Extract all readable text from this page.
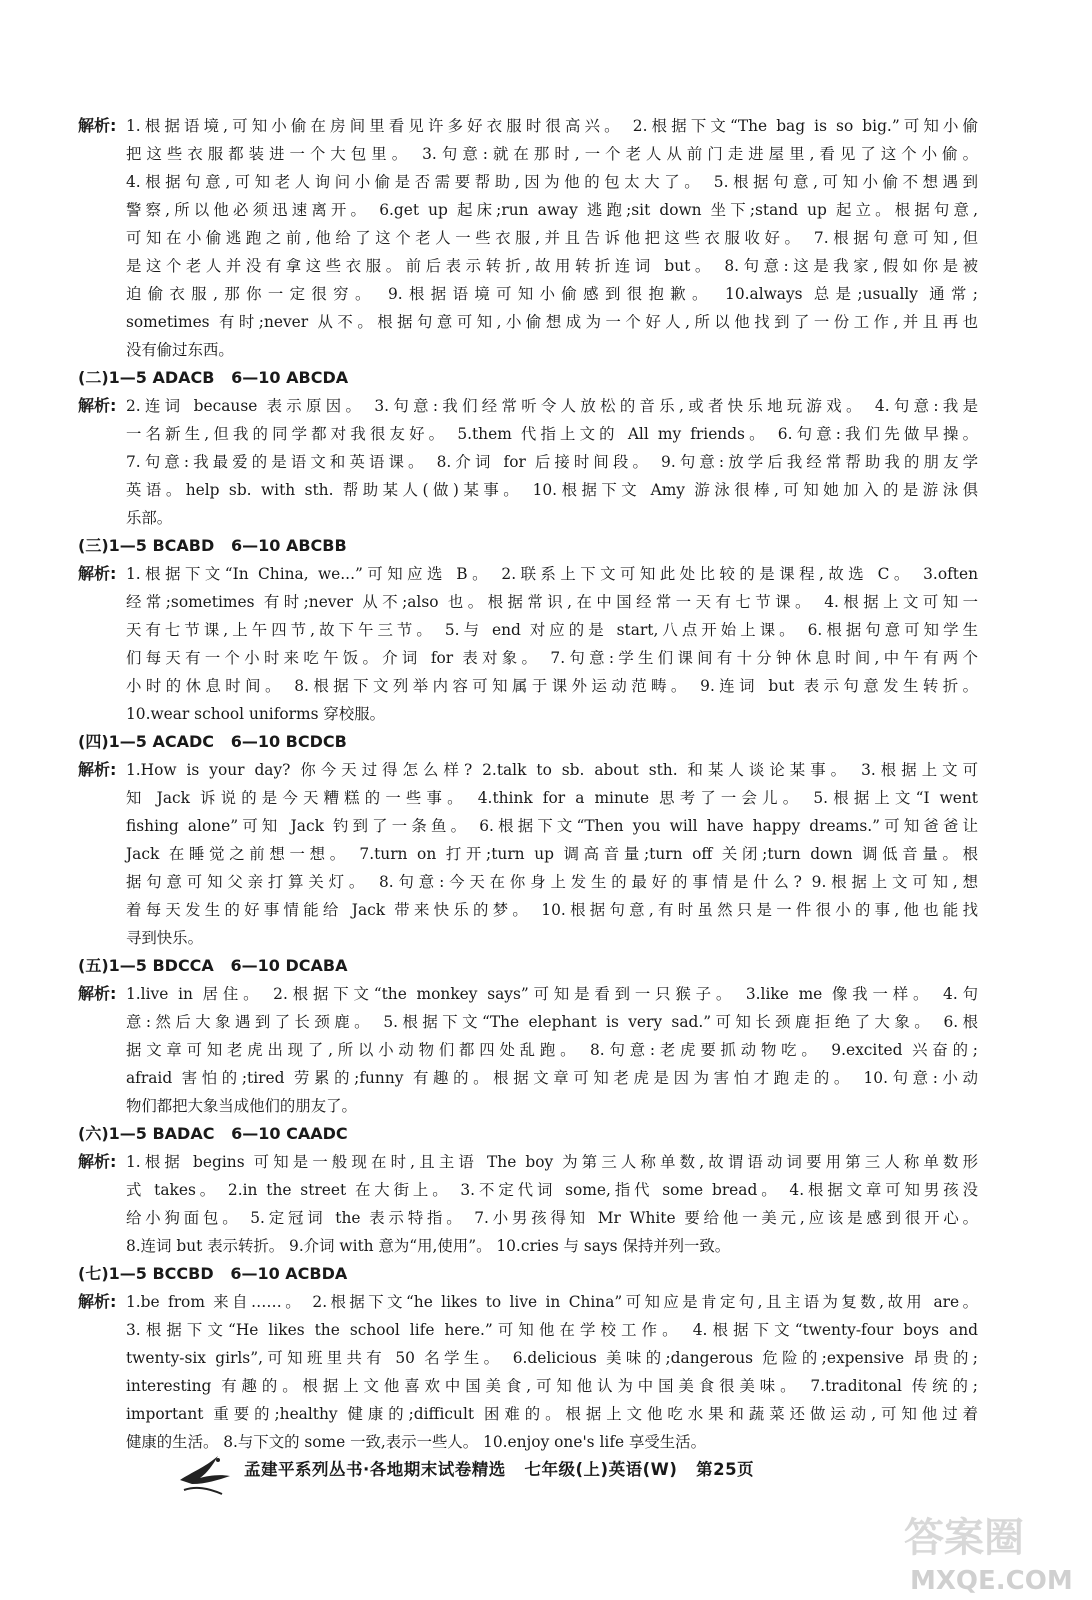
解析: 1.根据语境,可知小偷在房间里看见许多好衣服时很高兴。 2.根据下文“The bag is so big.”可知小偷
把这些衣服都装进一个大包里。 3.句意:就在那时,一个老人从前门走进屋里,看见了这个小偷。
4.根据句意,可知老人询问小偷是否需要帮助,因为他的包太大了。 5.根据句意,可知小偷不想遇到
警察,所以他必须迅速离开。 6.get up 起床;run away 逃跑;sit down 坐下;stand up 起立。根据句意,
可知在小偷逃跑之前,他给了这个老人一些衣服,并且告诉他把这些衣服收好。 7.根据句意可知,但
是这个老人并没有拿这些衣服。前后表示转折,故用转折连词 but。 8.句意:这是我家,假如你是被
迫偷衣服,那你一定很穷。 9.根据语境可知小偷感到很抱歉。 10.always 总是;usually 通常;
sometimes 有时;never 从不。根据句意可知,小偷想成为一个好人,所以他找到了一份工作,并且再也
没有偷过东西。
(二)1—5 ADACB   6—10 ABCDA
解析: 2.连词 because 表示原因。 3.句意:我们经常听令人放松的音乐,或者快乐地玩游戏。 4.句意:我是
一名新生,但我的同学都对我很友好。 5.them 代指上文的 All my friends。 6.句意:我们先做早操。
7.句意:我最爱的是语文和英语课。 8.介词 for 后接时间段。 9.句意:放学后我经常帮助我的朋友学
英语。help sb. with sth. 帮助某人(做)某事。 10.根据下文 Amy 游泳很棒,可知她加入的是游泳俱
乐部。
(三)1—5 BCABD   6—10 ABCBB
解析: 1.根据下文“In China, we...”可知应选 B。 2.联系上下文可知此处比较的是课程,故选 C。 3.often
经常;sometimes 有时;never 从不;also 也。根据常识,在中国经常一天有七节课。 4.根据上文可知一
天有七节课,上午四节,故下午三节。 5.与 end 对应的是 start,八点开始上课。 6.根据句意可知学生
们每天有一个小时来吃午饭。介词 for 表对象。 7.句意:学生们课间有十分钟休息时间,中午有两个
小时的休息时间。 8.根据下文列举内容可知属于课外运动范畴。 9.连词 but 表示句意发生转折。
10.wear school uniforms 穿校服。
(四)1—5 ACADC   6—10 BCDCB
解析: 1.How is your day? 你今天过得怎么样? 2.talk to sb. about sth. 和某人谈论某事。 3.根据上文可
知 Jack 诉说的是今天糟糕的一些事。 4.think for a minute 思考了一会儿。 5.根据上文“I went
fishing alone”可知 Jack 钓到了一条鱼。 6.根据下文“Then you will have happy dreams.”可知爸爸让
Jack 在睡觉之前想一想。 7.turn on 打开;turn up 调高音量;turn off 关闭;turn down 调低音量。根
据句意可知父亲打算关灯。 8.句意:今天在你身上发生的最好的事情是什么? 9.根据上文可知,想
着每天发生的好事情能给 Jack 带来快乐的梦。 10.根据句意,有时虽然只是一件很小的事,他也能找
寻到快乐。
(五)1—5 BDCCA   6—10 DCABA
解析: 1.live in 居住。 2.根据下文“the monkey says”可知是看到一只猴子。 3.like me 像我一样。 4.句
意:然后大象遇到了长颈鹿。 5.根据下文“The elephant is very sad.”可知长颈鹿拒绝了大象。 6.根
据文章可知老虎出现了,所以小动物们都四处乱跑。 8.句意:老虎要抓动物吃。 9.excited 兴奋的;
afraid 害怕的;tired 劳累的;funny 有趣的。根据文章可知老虎是因为害怕才跑走的。 10.句意:小动
物们都把大象当成他们的朋友了。
(六)1—5 BADAC   6—10 CAADC
解析: 1.根据 begins 可知是一般现在时,且主语 The boy 为第三人称单数,故谓语动词要用第三人称单数形
式 takes。 2.in the street 在大街上。 3.不定代词 some,指代 some bread。 4.根据文章可知男孩没
给小狗面包。 5.定冠词 the 表示特指。 7.小男孩得知 Mr White 要给他一美元,应该是感到很开心。
8.连词 but 表示转折。 9.介词 with 意为“用,使用”。 10.cries 与 says 保持并列一致。
(七)1—5 BCCBD   6—10 ACBDA
解析: 1.be from 来自……。 2.根据下文“he likes to live in China”可知应是肯定句,且主语为复数,故用 are。
3.根据下文“He likes the school life here.”可知他在学校工作。 4.根据下文“twenty-four boys and
twenty-six girls”,可知班里共有 50 名学生。 6.delicious 美味的;dangerous 危险的;expensive 昂贵的;
interesting 有趣的。根据上文他喜欢中国美食,可知他认为中国美食很美味。 7.traditonal 传统的;
important 重要的;healthy 健康的;difficult 困难的。根据上文他吃水果和蔬菜还做运动,可知他过着
健康的生活。 8.与下文的 some 一致,表示一些人。 10.enjoy one's life 享受生活。
孟建平系列丛书·各地期末试卷精选   七年级(上)英语(W)   第25页
答案圈
MXQE.COM
